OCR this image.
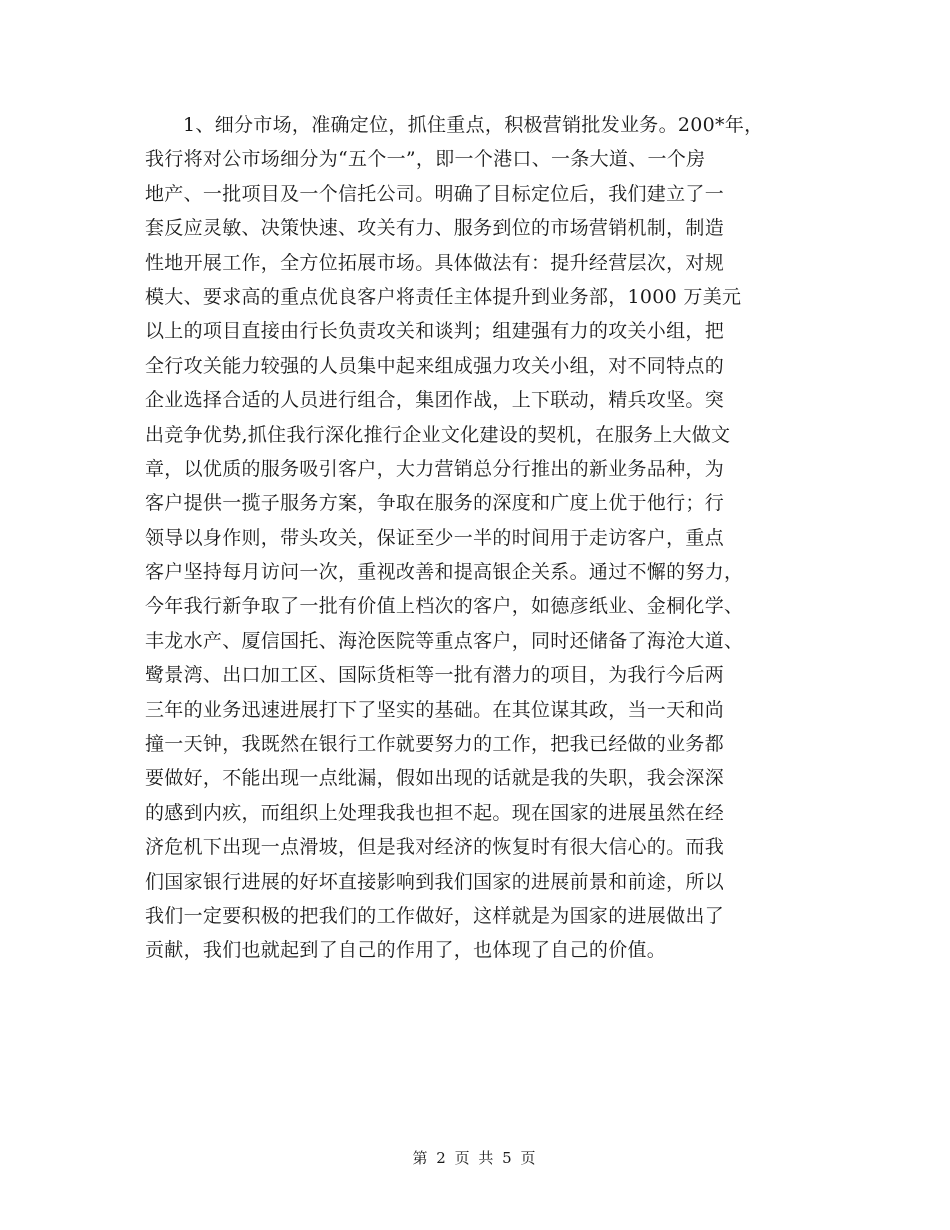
1、细分市场，准确定位，抓住重点，积极营销批发业务。200*年，
我行将对公市场细分为“五个一”，即一个港口、一条大道、一个房
地产、一批项目及一个信托公司。明确了目标定位后，我们建立了一
套反应灵敏、决策快速、攻关有力、服务到位的市场营销机制，制造
性地开展工作，全方位拓展市场。具体做法有：提升经营层次，对规
模大、要求高的重点优良客户将责任主体提升到业务部，1000 万美元
以上的项目直接由行长负责攻关和谈判；组建强有力的攻关小组，把
全行攻关能力较强的人员集中起来组成强力攻关小组，对不同特点的
企业选择合适的人员进行组合，集团作战，上下联动，精兵攻坚。突
出竞争优势,抓住我行深化推行企业文化建设的契机，在服务上大做文
章，以优质的服务吸引客户，大力营销总分行推出的新业务品种，为
客户提供一揽子服务方案，争取在服务的深度和广度上优于他行；行
领导以身作则，带头攻关，保证至少一半的时间用于走访客户，重点
客户坚持每月访问一次，重视改善和提高银企关系。通过不懈的努力，
今年我行新争取了一批有价值上档次的客户，如德彦纸业、金桐化学、
丰龙水产、厦信国托、海沧医院等重点客户，同时还储备了海沧大道、
鹭景湾、出口加工区、国际货柜等一批有潜力的项目，为我行今后两
三年的业务迅速进展打下了坚实的基础。在其位谋其政，当一天和尚
撞一天钟，我既然在银行工作就要努力的工作，把我已经做的业务都
要做好，不能出现一点纰漏，假如出现的话就是我的失职，我会深深
的感到内疚，而组织上处理我我也担不起。现在国家的进展虽然在经
济危机下出现一点滑坡，但是我对经济的恢复时有很大信心的。而我
们国家银行进展的好坏直接影响到我们国家的进展前景和前途，所以
我们一定要积极的把我们的工作做好，这样就是为国家的进展做出了
贡献，我们也就起到了自己的作用了，也体现了自己的价值。
第 2 页 共 5 页
